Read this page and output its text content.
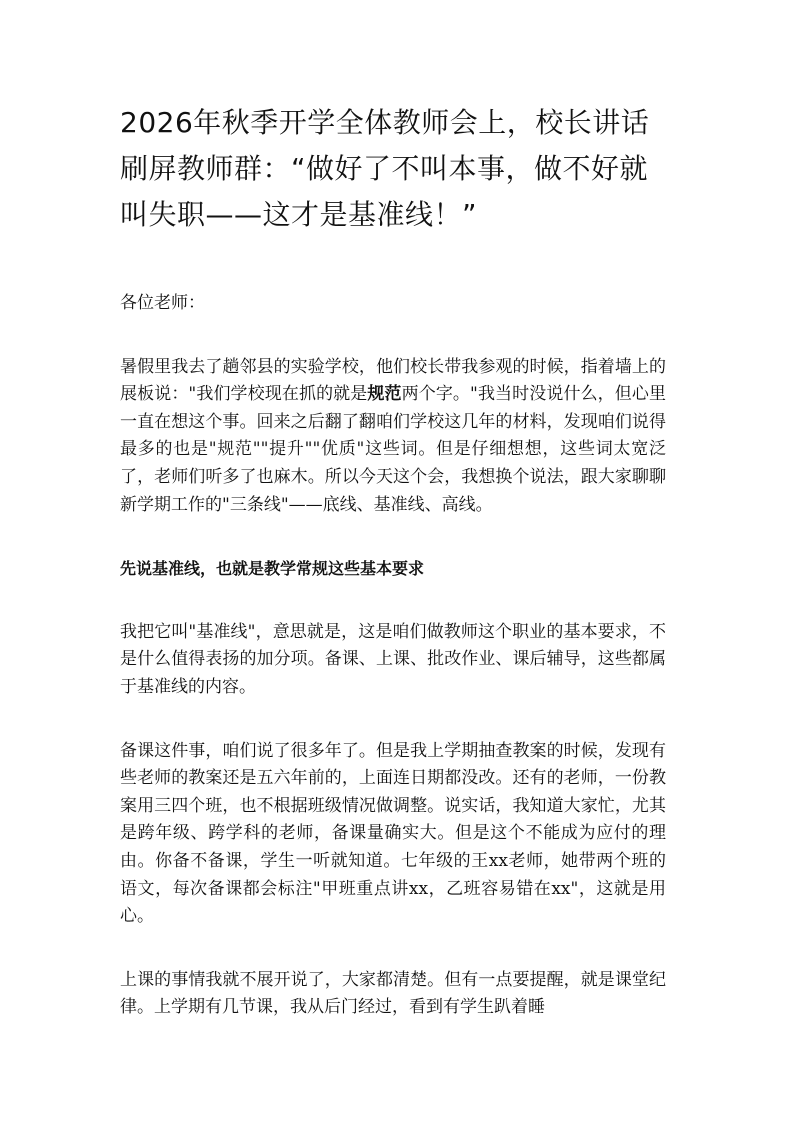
2026年秋季开学全体教师会上，校长讲话刷屏教师群：“做好了不叫本事，做不好就叫失职——这才是基准线！”

各位老师：

暑假里我去了趟邻县的实验学校，他们校长带我参观的时候，指着墙上的展板说："我们学校现在抓的就是规范两个字。"我当时没说什么，但心里一直在想这个事。回来之后翻了翻咱们学校这几年的材料，发现咱们说得最多的也是"规范""提升""优质"这些词。但是仔细想想，这些词太宽泛了，老师们听多了也麻木。所以今天这个会，我想换个说法，跟大家聊聊新学期工作的"三条线"——底线、基准线、高线。

先说基准线，也就是教学常规这些基本要求

我把它叫"基准线"，意思就是，这是咱们做教师这个职业的基本要求，不是什么值得表扬的加分项。备课、上课、批改作业、课后辅导，这些都属于基准线的内容。

备课这件事，咱们说了很多年了。但是我上学期抽查教案的时候，发现有些老师的教案还是五六年前的，上面连日期都没改。还有的老师，一份教案用三四个班，也不根据班级情况做调整。说实话，我知道大家忙，尤其是跨年级、跨学科的老师，备课量确实大。但是这个不能成为应付的理由。你备不备课，学生一听就知道。七年级的王xx老师，她带两个班的语文，每次备课都会标注"甲班重点讲xx，乙班容易错在xx"，这就是用心。

上课的事情我就不展开说了，大家都清楚。但有一点要提醒，就是课堂纪律。上学期有几节课，我从后门经过，看到有学生趴着睡
